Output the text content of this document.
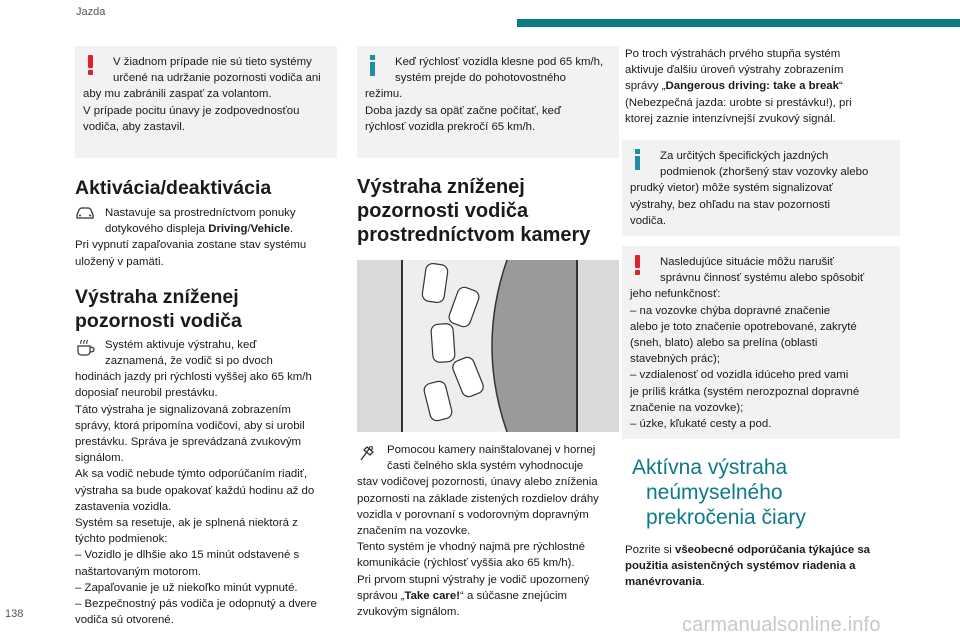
Jazda
138	carmanualsonline.info

V žiadnom prípade nie sú tieto systémy

určené na udržanie pozornosti vodiča ani

aby mu zabránili zaspať za volantom.

V prípade pocitu únavy je zodpovednosťou

vodiča, aby zastavil.

Aktivácia/deaktivácia

Nastavuje sa prostredníctvom ponuky

dotykového displeja Driving/Vehicle.

Pri vypnutí zapaľovania zostane stav systému

uložený v pamäti.

Výstraha zníženej
pozornosti vodiča

Systém aktivuje výstrahu, keď

zaznamená, že vodič si po dvoch

hodinách jazdy pri rýchlosti vyššej ako 65 km/h

doposiaľ neurobil prestávku.

Táto výstraha je signalizovaná zobrazením

správy, ktorá pripomína vodičovi, aby si urobil

prestávku. Správa je sprevádzaná zvukovým

signálom.

Ak sa vodič nebude týmto odporúčaním riadiť,

výstraha sa bude opakovať každú hodinu až do

zastavenia vozidla.

Systém sa resetuje, ak je splnená niektorá z

týchto podmienok:

– Vozidlo je dlhšie ako 15 minút odstavené s

naštartovaným motorom.

– Zapaľovanie je už niekoľko minút vypnuté.

– Bezpečnostný pás vodiča je odopnutý a dvere

vodiča sú otvorené.

Keď rýchlosť vozidla klesne pod 65 km/h,

systém prejde do pohotovostného

režimu.

Doba jazdy sa opäť začne počítať, keď

rýchlosť vozidla prekročí 65 km/h.

Výstraha zníženej
pozornosti vodiča
prostredníctvom kamery

Pomocou kamery nainštalovanej v hornej

časti čelného skla systém vyhodnocuje

stav vodičovej pozornosti, únavy alebo zníženia

pozornosti na základe zistených rozdielov dráhy

vozidla v porovnaní s vodorovným dopravným

značením na vozovke.

Tento systém je vhodný najmä pre rýchlostné

komunikácie (rýchlosť vyššia ako 65 km/h).

Pri prvom stupni výstrahy je vodič upozornený

správou „Take care!“ a súčasne znejúcim

zvukovým signálom.

Po troch výstrahách prvého stupňa systém

aktivuje ďalšiu úroveň výstrahy zobrazením

správy „Dangerous driving: take a break“

(Nebezpečná jazda: urobte si prestávku!), pri

ktorej zaznie intenzívnejší zvukový signál.

Za určitých špecifických jazdných

podmienok (zhoršený stav vozovky alebo

prudký vietor) môže systém signalizovať

výstrahy, bez ohľadu na stav pozornosti

vodiča.

Nasledujúce situácie môžu narušiť

správnu činnosť systému alebo spôsobiť

jeho nefunkčnosť:

– na vozovke chýba dopravné značenie

alebo je toto značenie opotrebované, zakryté

(sneh, blato) alebo sa prelína (oblasti

stavebných prác);

– vzdialenosť od vozidla idúceho pred vami

je príliš krátka (systém nerozpoznal dopravné

značenie na vozovke);

– úzke, kľukaté cesty a pod.

Aktívna výstraha
neúmyselného
prekročenia čiary

Pozrite si všeobecné odporúčania týkajúce sa

použitia asistenčných systémov riadenia a

manévrovania.
